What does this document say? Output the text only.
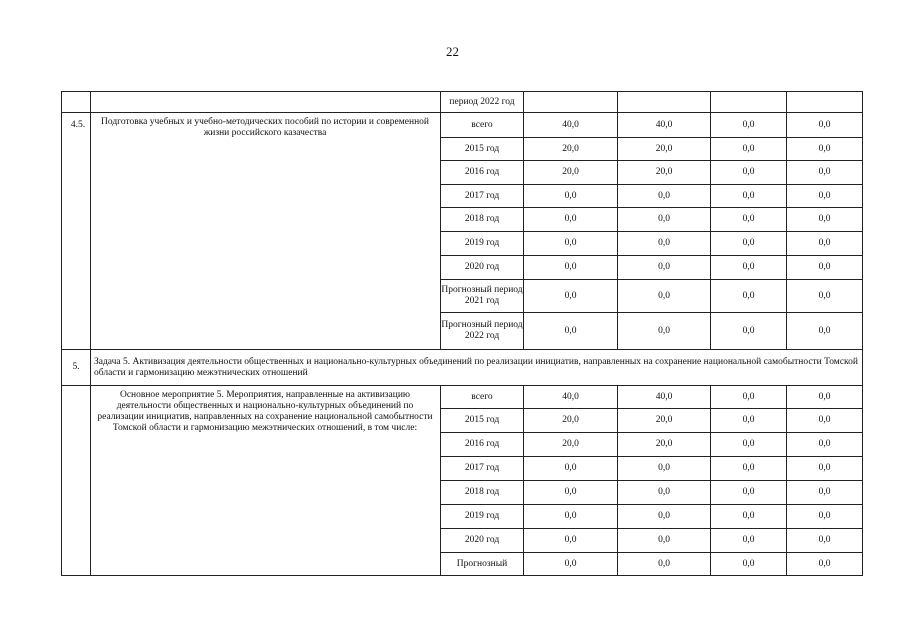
22
		период 2022 год				
4.5.	Подготовка учебных и учебно-методических пособий по истории и современной жизни российского казачества	всего	40,0	40,0	0,0	0,0
		2015 год	20,0	20,0	0,0	0,0
		2016 год	20,0	20,0	0,0	0,0
		2017 год	0,0	0,0	0,0	0,0
		2018 год	0,0	0,0	0,0	0,0
		2019 год	0,0	0,0	0,0	0,0
		2020 год	0,0	0,0	0,0	0,0
		Прогнозный период 2021 год	0,0	0,0	0,0	0,0
		Прогнозный период 2022 год	0,0	0,0	0,0	0,0
5.	Задача 5. Активизация деятельности общественных и национально-культурных объединений по реализации инициатив, направленных на сохранение национальной самобытности Томской области и гармонизацию межэтнических отношений					
	Основное мероприятие 5. Мероприятия, направленные на активизацию деятельности общественных и национально-культурных объединений по реализации инициатив, направленных на сохранение национальной самобытности Томской области и гармонизацию межэтнических отношений, в том числе:	всего	40,0	40,0	0,0	0,0
		2015 год	20,0	20,0	0,0	0,0
		2016 год	20,0	20,0	0,0	0,0
		2017 год	0,0	0,0	0,0	0,0
		2018 год	0,0	0,0	0,0	0,0
		2019 год	0,0	0,0	0,0	0,0
		2020 год	0,0	0,0	0,0	0,0
		Прогнозный	0,0	0,0	0,0	0,0
